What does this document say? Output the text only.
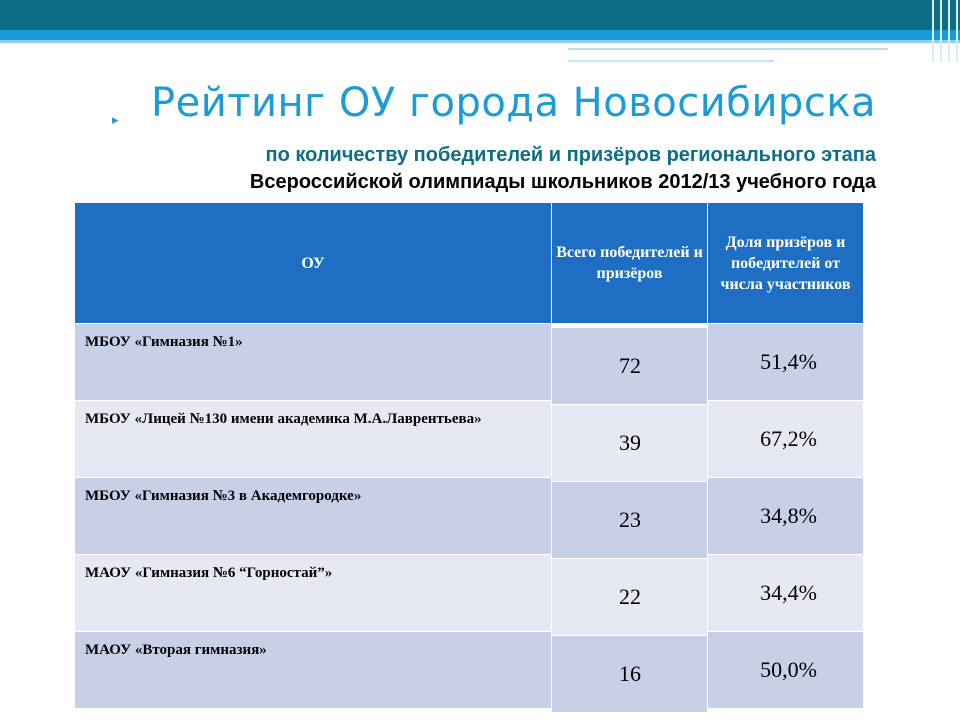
▸ Рейтинг ОУ города Новосибирска
по количеству победителей и призёров регионального этапа
Всероссийской олимпиады школьников 2012/13 учебного года
ОУ	Всего победителей и призёров	Доля призёров и победителей от числа участников
МБОУ «Гимназия №1»	72	51,4%
МБОУ «Лицей №130 имени академика М.А.Лаврентьева»	39	67,2%
МБОУ «Гимназия №3 в Академгородке»	23	34,8%
МАОУ «Гимназия №6 “Горностай”»	22	34,4%
МАОУ «Вторая гимназия»	16	50,0%
